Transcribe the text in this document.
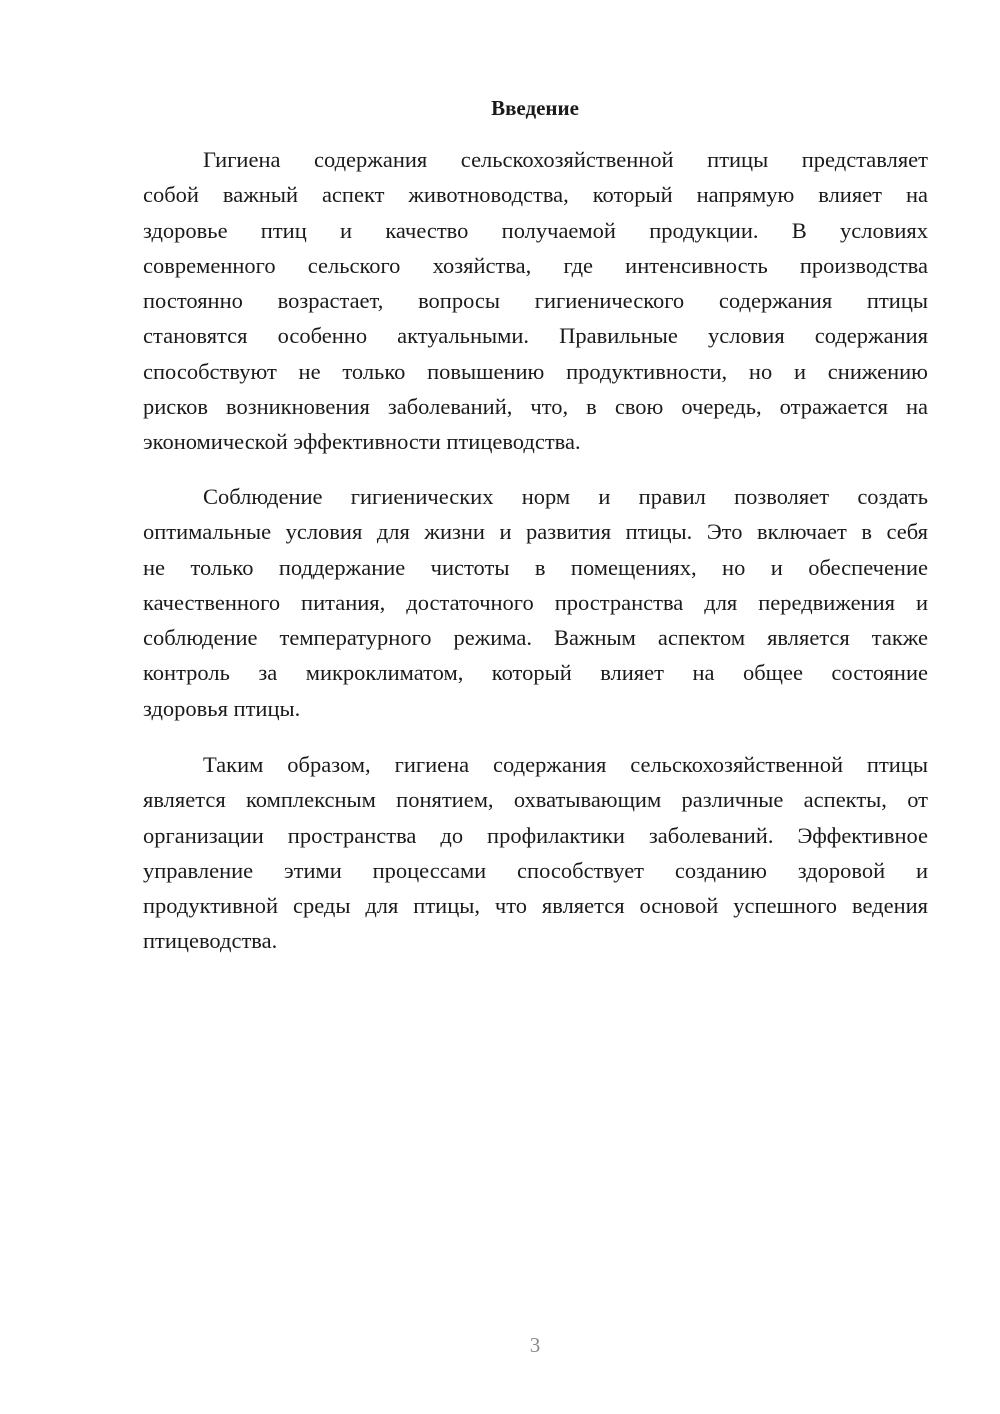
Введение
Гигиена содержания сельскохозяйственной птицы представляет
собой важный аспект животноводства, который напрямую влияет на
здоровье птиц и качество получаемой продукции. В условиях
современного сельского хозяйства, где интенсивность производства
постоянно возрастает, вопросы гигиенического содержания птицы
становятся особенно актуальными. Правильные условия содержания
способствуют не только повышению продуктивности, но и снижению
рисков возникновения заболеваний, что, в свою очередь, отражается на
экономической эффективности птицеводства.
Соблюдение гигиенических норм и правил позволяет создать
оптимальные условия для жизни и развития птицы. Это включает в себя
не только поддержание чистоты в помещениях, но и обеспечение
качественного питания, достаточного пространства для передвижения и
соблюдение температурного режима. Важным аспектом является также
контроль за микроклиматом, который влияет на общее состояние
здоровья птицы.
Таким образом, гигиена содержания сельскохозяйственной птицы
является комплексным понятием, охватывающим различные аспекты, от
организации пространства до профилактики заболеваний. Эффективное
управление этими процессами способствует созданию здоровой и
продуктивной среды для птицы, что является основой успешного ведения
птицеводства.
3
